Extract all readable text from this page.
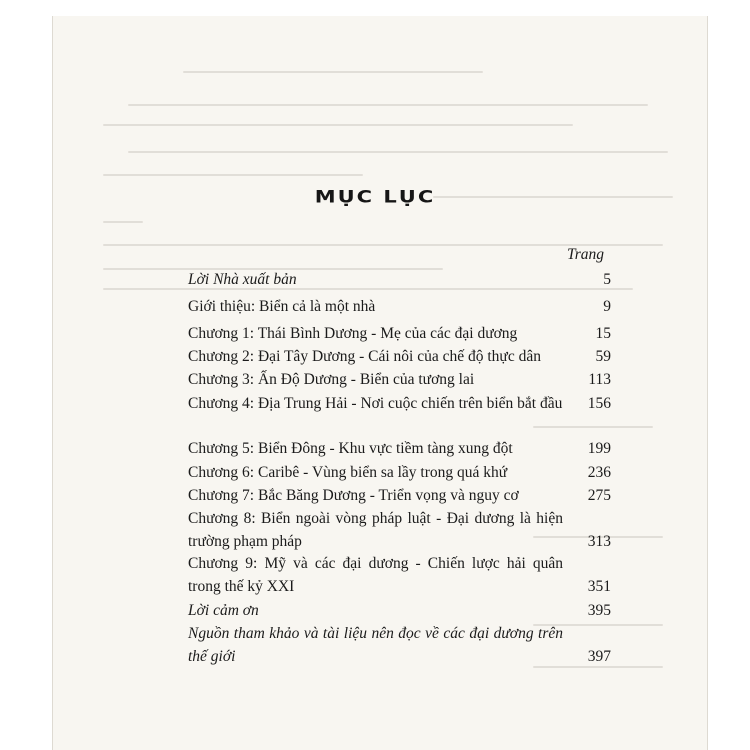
MỤC LỤC
Trang
Lời Nhà xuất bản	5
Giới thiệu: Biển cả là một nhà	9
Chương 1: Thái Bình Dương - Mẹ của các đại dương	15
Chương 2: Đại Tây Dương - Cái nôi của chế độ thực dân	59
Chương 3: Ấn Độ Dương - Biển của tương lai	113
Chương 4: Địa Trung Hải - Nơi cuộc chiến trên biển bắt đầu	156
Chương 5: Biển Đông - Khu vực tiềm tàng xung đột	199
Chương 6: Caribê - Vùng biển sa lầy trong quá khứ	236
Chương 7: Bắc Băng Dương - Triển vọng và nguy cơ	275
Chương 8: Biển ngoài vòng pháp luật - Đại dương là hiện trường phạm pháp	313
Chương 9: Mỹ và các đại dương - Chiến lược hải quân trong thế kỷ XXI	351
Lời cảm ơn	395
Nguồn tham khảo và tài liệu nên đọc về các đại dương trên thế giới	397
